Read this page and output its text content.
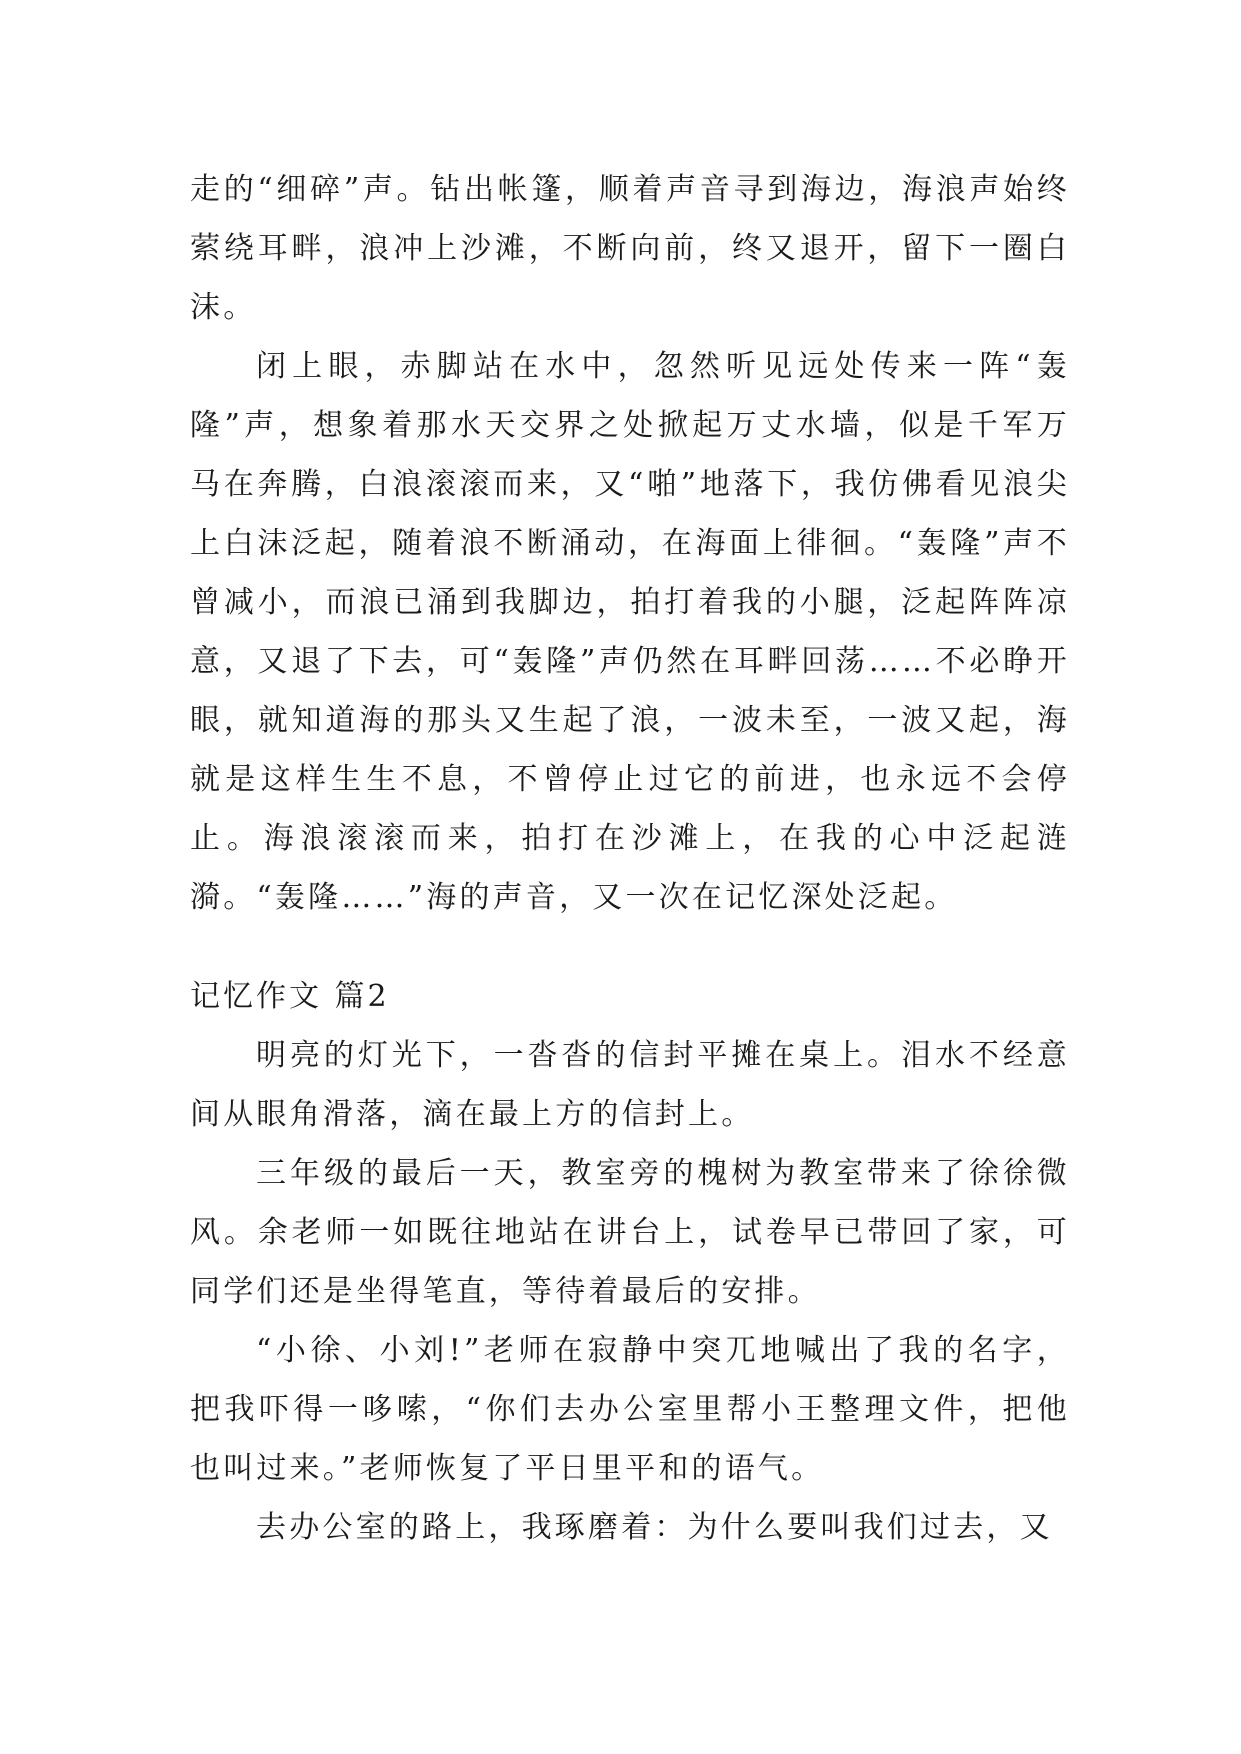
走的“细碎”声。钻出帐篷，顺着声音寻到海边，海浪声始终萦绕耳畔，浪冲上沙滩，不断向前，终又退开，留下一圈白沫。

闭上眼，赤脚站在水中，忽然听见远处传来一阵“轰隆”声，想象着那水天交界之处掀起万丈水墙，似是千军万马在奔腾，白浪滚滚而来，又“啪”地落下，我仿佛看见浪尖上白沫泛起，随着浪不断涌动，在海面上徘徊。“轰隆”声不曾减小，而浪已涌到我脚边，拍打着我的小腿，泛起阵阵凉意，又退了下去，可“轰隆”声仍然在耳畔回荡……不必睁开眼，就知道海的那头又生起了浪，一波未至，一波又起，海就是这样生生不息，不曾停止过它的前进，也永远不会停止。海浪滚滚而来，拍打在沙滩上，在我的心中泛起涟漪。“轰隆……”海的声音，又一次在记忆深处泛起。

记忆作文 篇2

明亮的灯光下，一沓沓的信封平摊在桌上。泪水不经意间从眼角滑落，滴在最上方的信封上。

三年级的最后一天，教室旁的槐树为教室带来了徐徐微风。余老师一如既往地站在讲台上，试卷早已带回了家，可同学们还是坐得笔直，等待着最后的安排。

“小徐、小刘!”老师在寂静中突兀地喊出了我的名字，把我吓得一哆嗦，“你们去办公室里帮小王整理文件，把他也叫过来。”老师恢复了平日里平和的语气。

去办公室的路上，我琢磨着：为什么要叫我们过去，又
